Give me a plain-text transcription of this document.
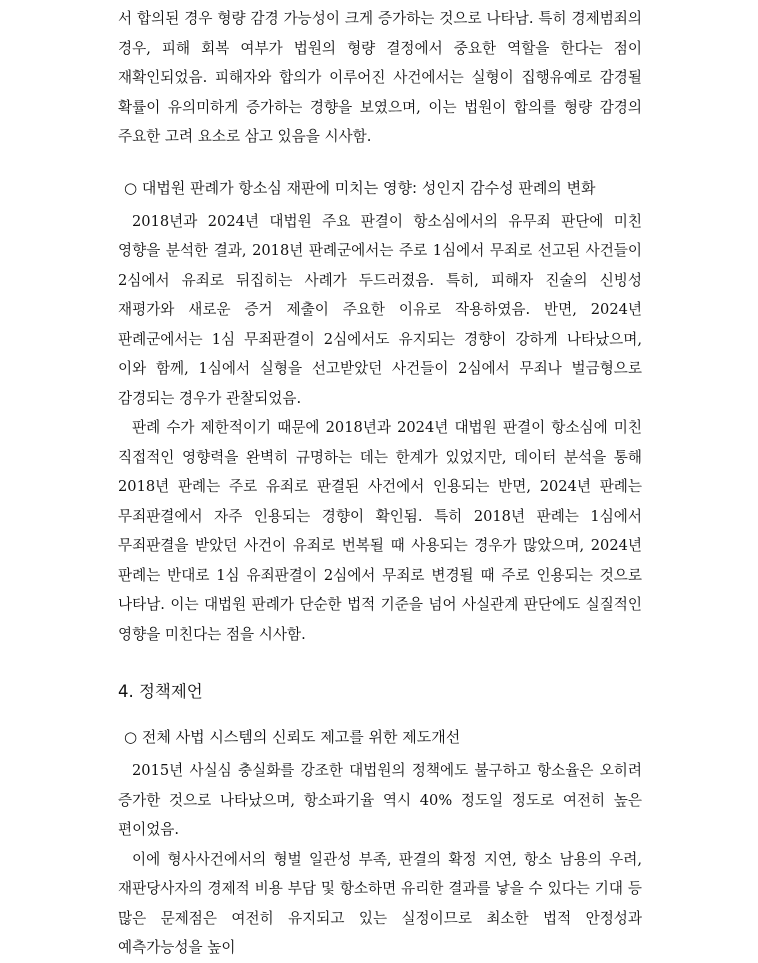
서 합의된 경우 형량 감경 가능성이 크게 증가하는 것으로 나타남. 특히 경제범죄의 경우, 피해 회복 여부가 법원의 형량 결정에서 중요한 역할을 한다는 점이 재확인되었음. 피해자와 합의가 이루어진 사건에서는 실형이 집행유예로 감경될 확률이 유의미하게 증가하는 경향을 보였으며, 이는 법원이 합의를 형량 감경의 주요한 고려 요소로 삼고 있음을 시사함.

○ 대법원 판례가 항소심 재판에 미치는 영향: 성인지 감수성 판례의 변화

2018년과 2024년 대법원 주요 판결이 항소심에서의 유무죄 판단에 미친 영향을 분석한 결과, 2018년 판례군에서는 주로 1심에서 무죄로 선고된 사건들이 2심에서 유죄로 뒤집히는 사례가 두드러졌음. 특히, 피해자 진술의 신빙성 재평가와 새로운 증거 제출이 주요한 이유로 작용하였음. 반면, 2024년 판례군에서는 1심 무죄판결이 2심에서도 유지되는 경향이 강하게 나타났으며, 이와 함께, 1심에서 실형을 선고받았던 사건들이 2심에서 무죄나 벌금형으로 감경되는 경우가 관찰되었음.

판례 수가 제한적이기 때문에 2018년과 2024년 대법원 판결이 항소심에 미친 직접적인 영향력을 완벽히 규명하는 데는 한계가 있었지만, 데이터 분석을 통해 2018년 판례는 주로 유죄로 판결된 사건에서 인용되는 반면, 2024년 판례는 무죄판결에서 자주 인용되는 경향이 확인됨. 특히 2018년 판례는 1심에서 무죄판결을 받았던 사건이 유죄로 번복될 때 사용되는 경우가 많았으며, 2024년 판례는 반대로 1심 유죄판결이 2심에서 무죄로 변경될 때 주로 인용되는 것으로 나타남. 이는 대법원 판례가 단순한 법적 기준을 넘어 사실관계 판단에도 실질적인 영향을 미친다는 점을 시사함.

4. 정책제언
○ 전체 사법 시스템의 신뢰도 제고를 위한 제도개선

2015년 사실심 충실화를 강조한 대법원의 정책에도 불구하고 항소율은 오히려 증가한 것으로 나타났으며, 항소파기율 역시 40% 정도일 정도로 여전히 높은 편이었음.

이에 형사사건에서의 형벌 일관성 부족, 판결의 확정 지연, 항소 남용의 우려, 재판당사자의 경제적 비용 부담 및 항소하면 유리한 결과를 낳을 수 있다는 기대 등 많은 문제점은 여전히 유지되고 있는 실정이므로 최소한 법적 안정성과 예측가능성을 높이
